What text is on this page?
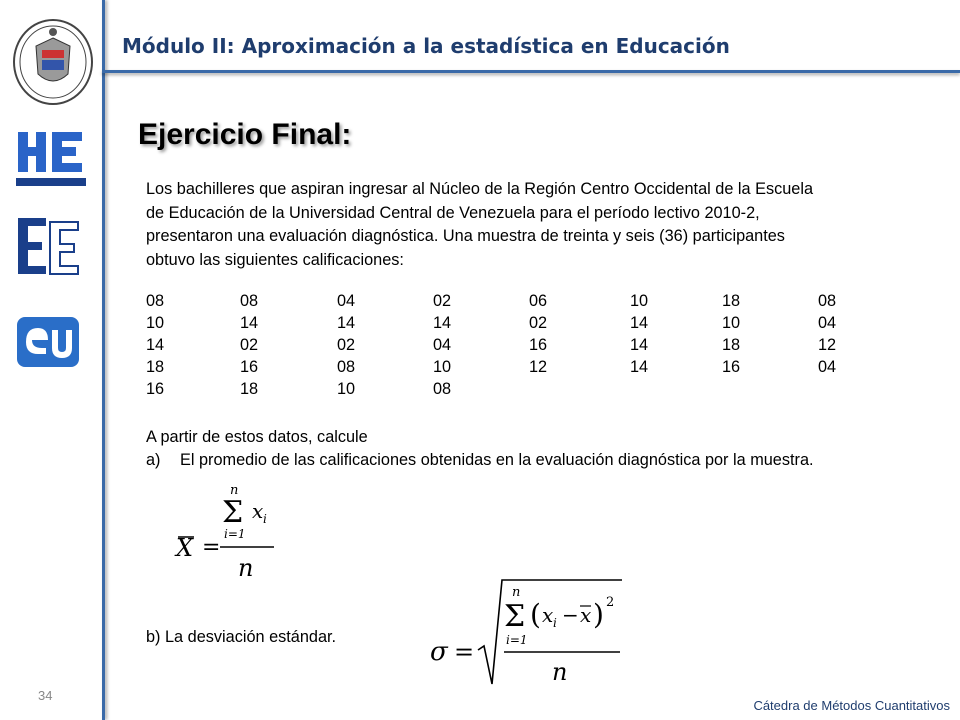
Módulo II: Aproximación a la estadística en Educación
Ejercicio Final:
Los bachilleres que aspiran ingresar al Núcleo de la Región Centro Occidental de la Escuela
de Educación de la Universidad Central de Venezuela para el período lectivo 2010-2,
presentaron una evaluación diagnóstica. Una muestra de treinta y seis (36) participantes
obtuvo las siguientes calificaciones:
08	08	04	02	06	10	18	08
10	14	14	14	02	14	10	04
14	02	02	04	16	14	18	12
18	16	08	10	12	14	16	04
16	18	10	08
A partir de estos datos, calcule
a) El promedio de las calificaciones obtenidas en la evaluación diagnóstica por la muestra.
n
Σ x i
i=1
X =
n
b) La desviación estándar.	σ =
n
Σ
i=1
( x i − x ) 2
n
34
Cátedra de Métodos Cuantitativos
